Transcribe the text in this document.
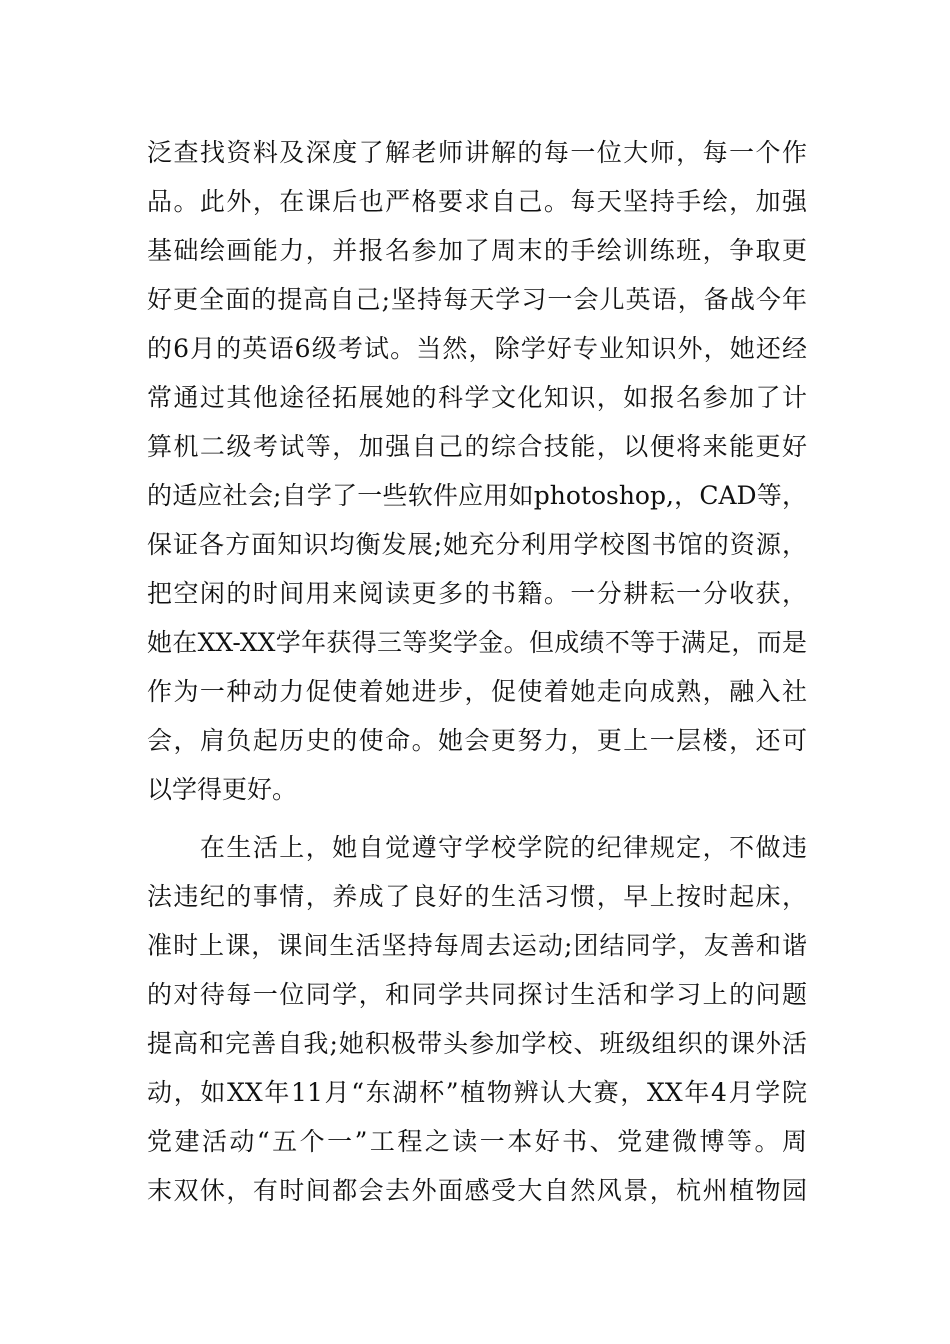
泛查找资料及深度了解老师讲解的每一位大师，每一个作
品。此外，在课后也严格要求自己。每天坚持手绘，加强
基础绘画能力，并报名参加了周末的手绘训练班，争取更
好更全面的提高自己;坚持每天学习一会儿英语，备战今年
的6月的英语6级考试。当然，除学好专业知识外，她还经
常通过其他途径拓展她的科学文化知识，如报名参加了计
算机二级考试等，加强自己的综合技能，以便将来能更好
的适应社会;自学了一些软件应用如photoshop,，CAD等，
保证各方面知识均衡发展;她充分利用学校图书馆的资源，
把空闲的时间用来阅读更多的书籍。一分耕耘一分收获，
她在XX-XX学年获得三等奖学金。但成绩不等于满足，而是
作为一种动力促使着她进步，促使着她走向成熟，融入社
会，肩负起历史的使命。她会更努力，更上一层楼，还可
以学得更好。
　　在生活上，她自觉遵守学校学院的纪律规定，不做违
法违纪的事情，养成了良好的生活习惯，早上按时起床，
准时上课，课间生活坚持每周去运动;团结同学，友善和谐
的对待每一位同学，和同学共同探讨生活和学习上的问题
提高和完善自我;她积极带头参加学校、班级组织的课外活
动，如XX年11月“东湖杯”植物辨认大赛，XX年4月学院
党建活动“五个一”工程之读一本好书、党建微博等。周
末双休，有时间都会去外面感受大自然风景，杭州植物园
